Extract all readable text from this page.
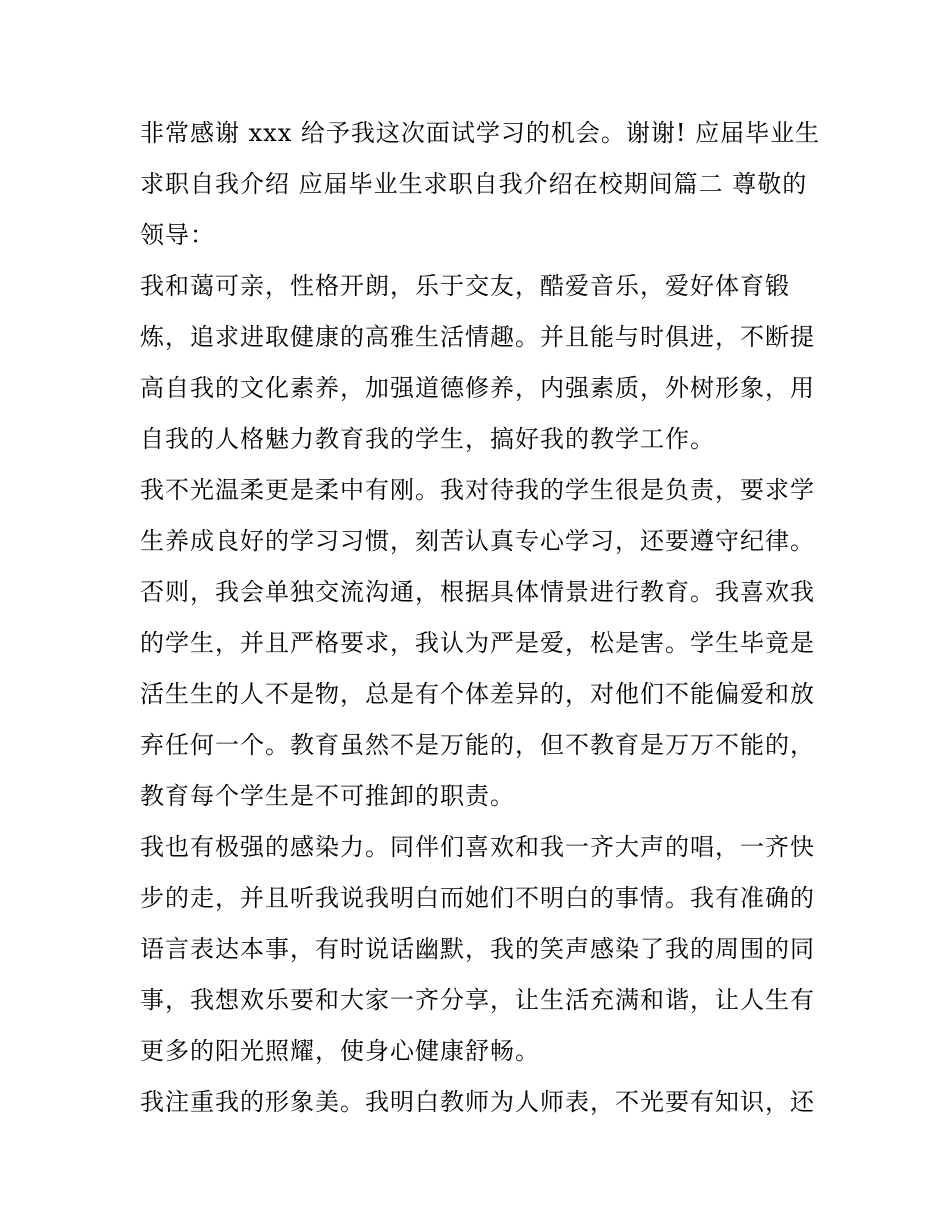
非常感谢 xxx 给予我这次面试学习的机会。谢谢! 应届毕业生
求职自我介绍 应届毕业生求职自我介绍在校期间篇二 尊敬的
领导：
我和蔼可亲，性格开朗，乐于交友，酷爱音乐，爱好体育锻
炼，追求进取健康的高雅生活情趣。并且能与时俱进，不断提
高自我的文化素养，加强道德修养，内强素质，外树形象，用
自我的人格魅力教育我的学生，搞好我的教学工作。
我不光温柔更是柔中有刚。我对待我的学生很是负责，要求学
生养成良好的学习习惯，刻苦认真专心学习，还要遵守纪律。
否则，我会单独交流沟通，根据具体情景进行教育。我喜欢我
的学生，并且严格要求，我认为严是爱，松是害。学生毕竟是
活生生的人不是物，总是有个体差异的，对他们不能偏爱和放
弃任何一个。教育虽然不是万能的，但不教育是万万不能的，
教育每个学生是不可推卸的职责。
我也有极强的感染力。同伴们喜欢和我一齐大声的唱，一齐快
步的走，并且听我说我明白而她们不明白的事情。我有准确的
语言表达本事，有时说话幽默，我的笑声感染了我的周围的同
事，我想欢乐要和大家一齐分享，让生活充满和谐，让人生有
更多的阳光照耀，使身心健康舒畅。
我注重我的形象美。我明白教师为人师表，不光要有知识，还
